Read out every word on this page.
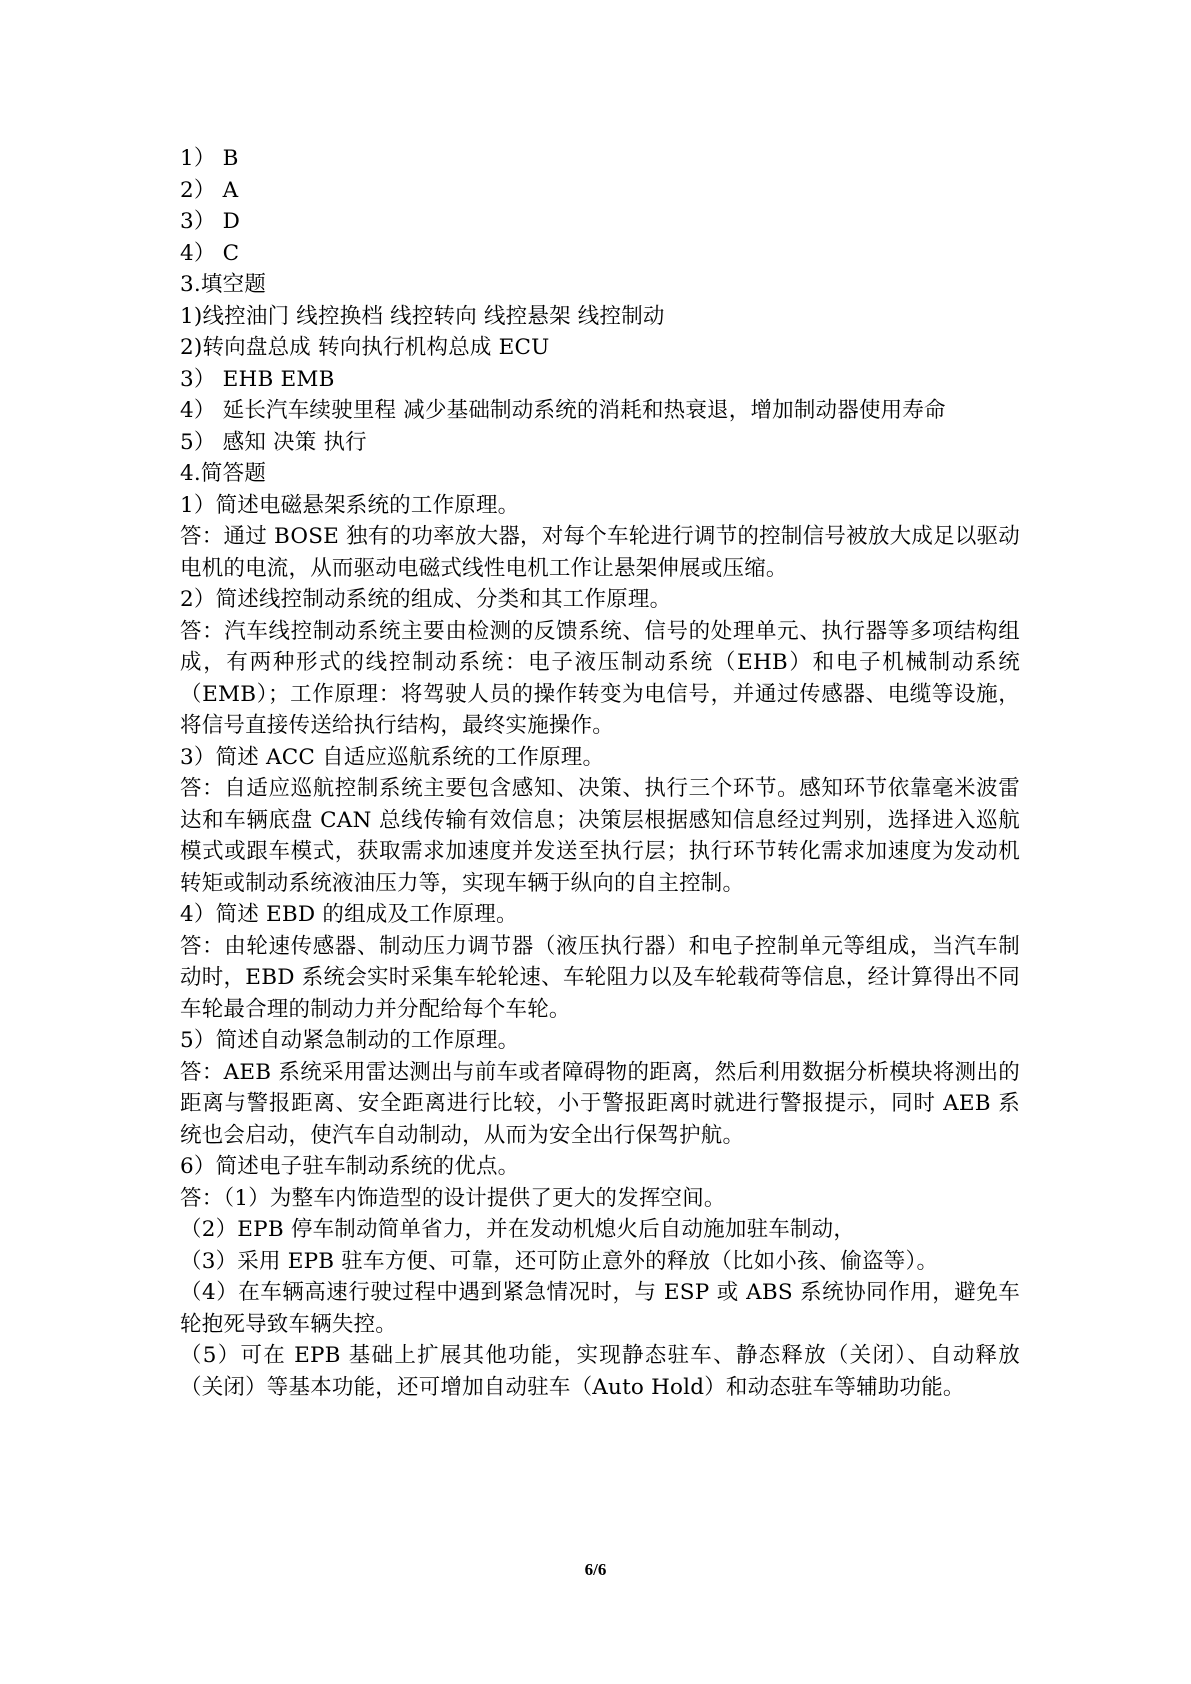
1） B
2） A
3） D
4） C
3.填空题
1)线控油门 线控换档 线控转向 线控悬架 线控制动
2)转向盘总成 转向执行机构总成 ECU
3） EHB EMB
4） 延长汽车续驶里程 减少基础制动系统的消耗和热衰退，增加制动器使用寿命
5） 感知 决策 执行
4.简答题
1）简述电磁悬架系统的工作原理。
答：通过 BOSE 独有的功率放大器，对每个车轮进行调节的控制信号被放大成足以驱动电机的电流，从而驱动电磁式线性电机工作让悬架伸展或压缩。
2）简述线控制动系统的组成、分类和其工作原理。
答：汽车线控制动系统主要由检测的反馈系统、信号的处理单元、执行器等多项结构组成，有两种形式的线控制动系统：电子液压制动系统（EHB）和电子机械制动系统（EMB）；工作原理：将驾驶人员的操作转变为电信号，并通过传感器、电缆等设施，将信号直接传送给执行结构，最终实施操作。
3）简述 ACC 自适应巡航系统的工作原理。
答：自适应巡航控制系统主要包含感知、决策、执行三个环节。感知环节依靠毫米波雷达和车辆底盘 CAN 总线传输有效信息；决策层根据感知信息经过判别，选择进入巡航模式或跟车模式，获取需求加速度并发送至执行层；执行环节转化需求加速度为发动机转矩或制动系统液油压力等，实现车辆于纵向的自主控制。
4）简述 EBD 的组成及工作原理。
答：由轮速传感器、制动压力调节器（液压执行器）和电子控制单元等组成，当汽车制动时，EBD 系统会实时采集车轮轮速、车轮阻力以及车轮载荷等信息，经计算得出不同车轮最合理的制动力并分配给每个车轮。
5）简述自动紧急制动的工作原理。
答：AEB 系统采用雷达测出与前车或者障碍物的距离，然后利用数据分析模块将测出的距离与警报距离、安全距离进行比较，小于警报距离时就进行警报提示，同时 AEB 系统也会启动，使汽车自动制动，从而为安全出行保驾护航。
6）简述电子驻车制动系统的优点。
答：（1）为整车内饰造型的设计提供了更大的发挥空间。
（2）EPB 停车制动简单省力，并在发动机熄火后自动施加驻车制动，
（3）采用 EPB 驻车方便、可靠，还可防止意外的释放（比如小孩、偷盗等）。
（4）在车辆高速行驶过程中遇到紧急情况时，与 ESP 或 ABS 系统协同作用，避免车轮抱死导致车辆失控。
（5）可在 EPB 基础上扩展其他功能，实现静态驻车、静态释放（关闭）、自动释放（关闭）等基本功能，还可增加自动驻车（Auto Hold）和动态驻车等辅助功能。
6/6
